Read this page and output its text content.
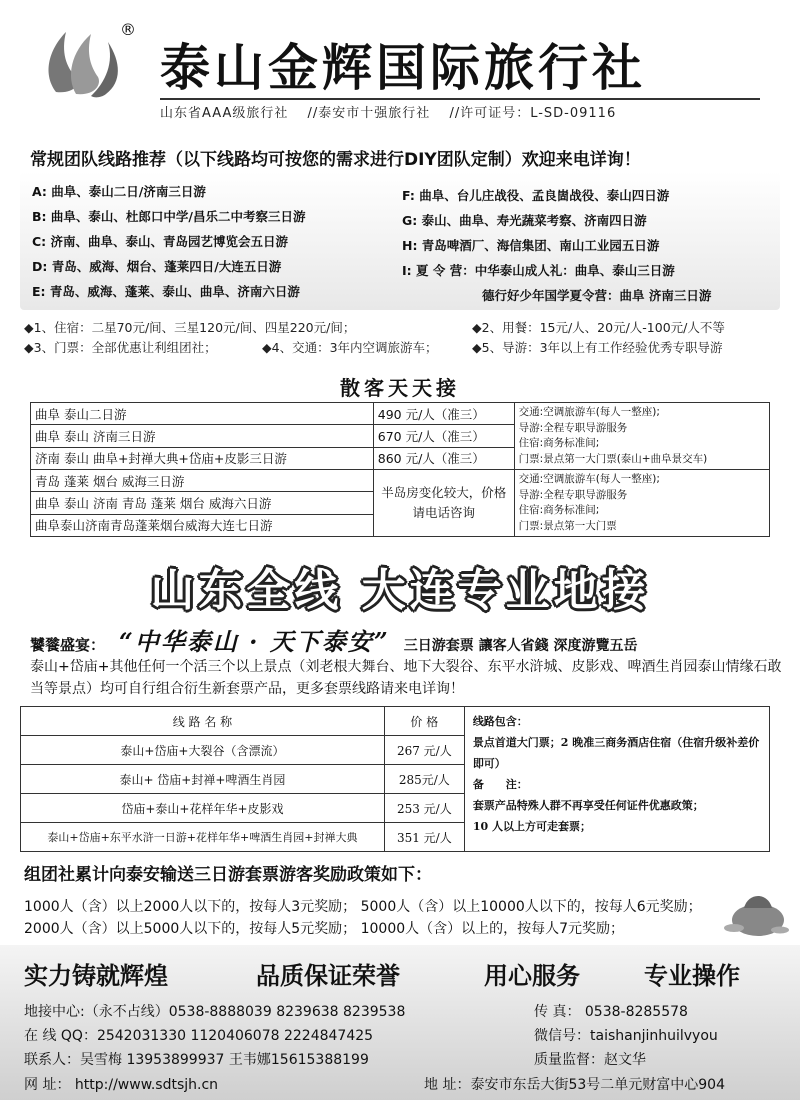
®
泰山金辉国际旅行社
山东省AAA级旅行社 //泰安市十强旅行社 //许可证号：L-SD-09116
常规团队线路推荐（以下线路均可按您的需求进行DIY团队定制）欢迎来电详询！
A: 曲阜、泰山二日/济南三日游
B: 曲阜、泰山、杜郎口中学/昌乐二中考察三日游
C: 济南、曲阜、泰山、青岛园艺博览会五日游
D: 青岛、威海、烟台、蓬莱四日/大连五日游
E: 青岛、威海、蓬莱、泰山、曲阜、济南六日游
F: 曲阜、台儿庄战役、孟良崮战役、泰山四日游
G: 泰山、曲阜、寿光蔬菜考察、济南四日游
H: 青岛啤酒厂、海信集团、南山工业园五日游
I: 夏 令 营：中华泰山成人礼：曲阜、泰山三日游
德行好少年国学夏令营：曲阜 济南三日游
◆1、住宿：二星70元/间、三星120元/间、四星220元/间；	◆2、用餐：15元/人、20元/人-100元/人不等
◆3、门票：全部优惠让利组团社；	◆4、交通：3年内空调旅游车；	◆5、导游：3年以上有工作经验优秀专职导游
散客天天接
曲阜 泰山二日游	490 元/人（准三）	交通:空调旅游车(每人一整座);
导游:全程专职导游服务
住宿:商务标准间;
门票:景点第一大门票(泰山+曲阜景交车)

曲阜 泰山 济南三日游	670 元/人（准三）	
济南 泰山 曲阜+封禅大典+岱庙+皮影三日游	860 元/人（准三）	
青岛 蓬莱 烟台 威海三日游	半岛房变化较大，价格请电话咨询	交通:空调旅游车(每人一整座);
导游:全程专职导游服务
住宿:商务标准间;
门票:景点第一大门票

曲阜 泰山 济南 青岛 蓬莱 烟台 威海六日游		
曲阜泰山济南青岛蓬莱烟台威海大连七日游		
山东全线 大连专业地接
饕餮盛宴： “中华泰山 · 天下泰安” 三日游套票 讓客人省錢 深度游覽五岳
泰山+岱庙+其他任何一个活三个以上景点（刘老根大舞台、地下大裂谷、东平水浒城、皮影戏、啤酒生肖园泰山情缘石敢当等景点）均可自行组合衍生新套票产品，更多套票线路请来电详询！
线 路 名 称	价 格	线路包含：
景点首道大门票；2 晚准三商务酒店住宿（住宿升级补差价即可）
备　　注：
套票产品特殊人群不再享受任何证件优惠政策；
10 人以上方可走套票；

泰山+岱庙+大裂谷（含漂流）	267 元/人	
泰山+ 岱庙+封禅+啤酒生肖园	285元/人	
岱庙+泰山+花样年华+皮影戏	253 元/人	
泰山+岱庙+东平水浒一日游+花样年华+啤酒生肖园+封禅大典	351 元/人	
组团社累计向泰安输送三日游套票游客奖励政策如下：
1000人（含）以上2000人以下的，按每人3元奖励； 5000人（含）以上10000人以下的，按每人6元奖励；
2000人（含）以上5000人以下的，按每人5元奖励； 10000人（含）以上的，按每人7元奖励；
实力铸就辉煌	品质保证荣誉	用心服务	专业操作
地接中心:（永不占线）0538-8888039 8239638 8239538
在 线 QQ：2542031330 1120406078 2224847425
联系人：吴雪梅 13953899937 王韦娜15615388199
网 址： http://www.sdtsjh.cn
传 真： 0538-8285578
微信号：taishanjinhuilvyou
质量监督：赵文华
地 址：泰安市东岳大街53号二单元财富中心904
